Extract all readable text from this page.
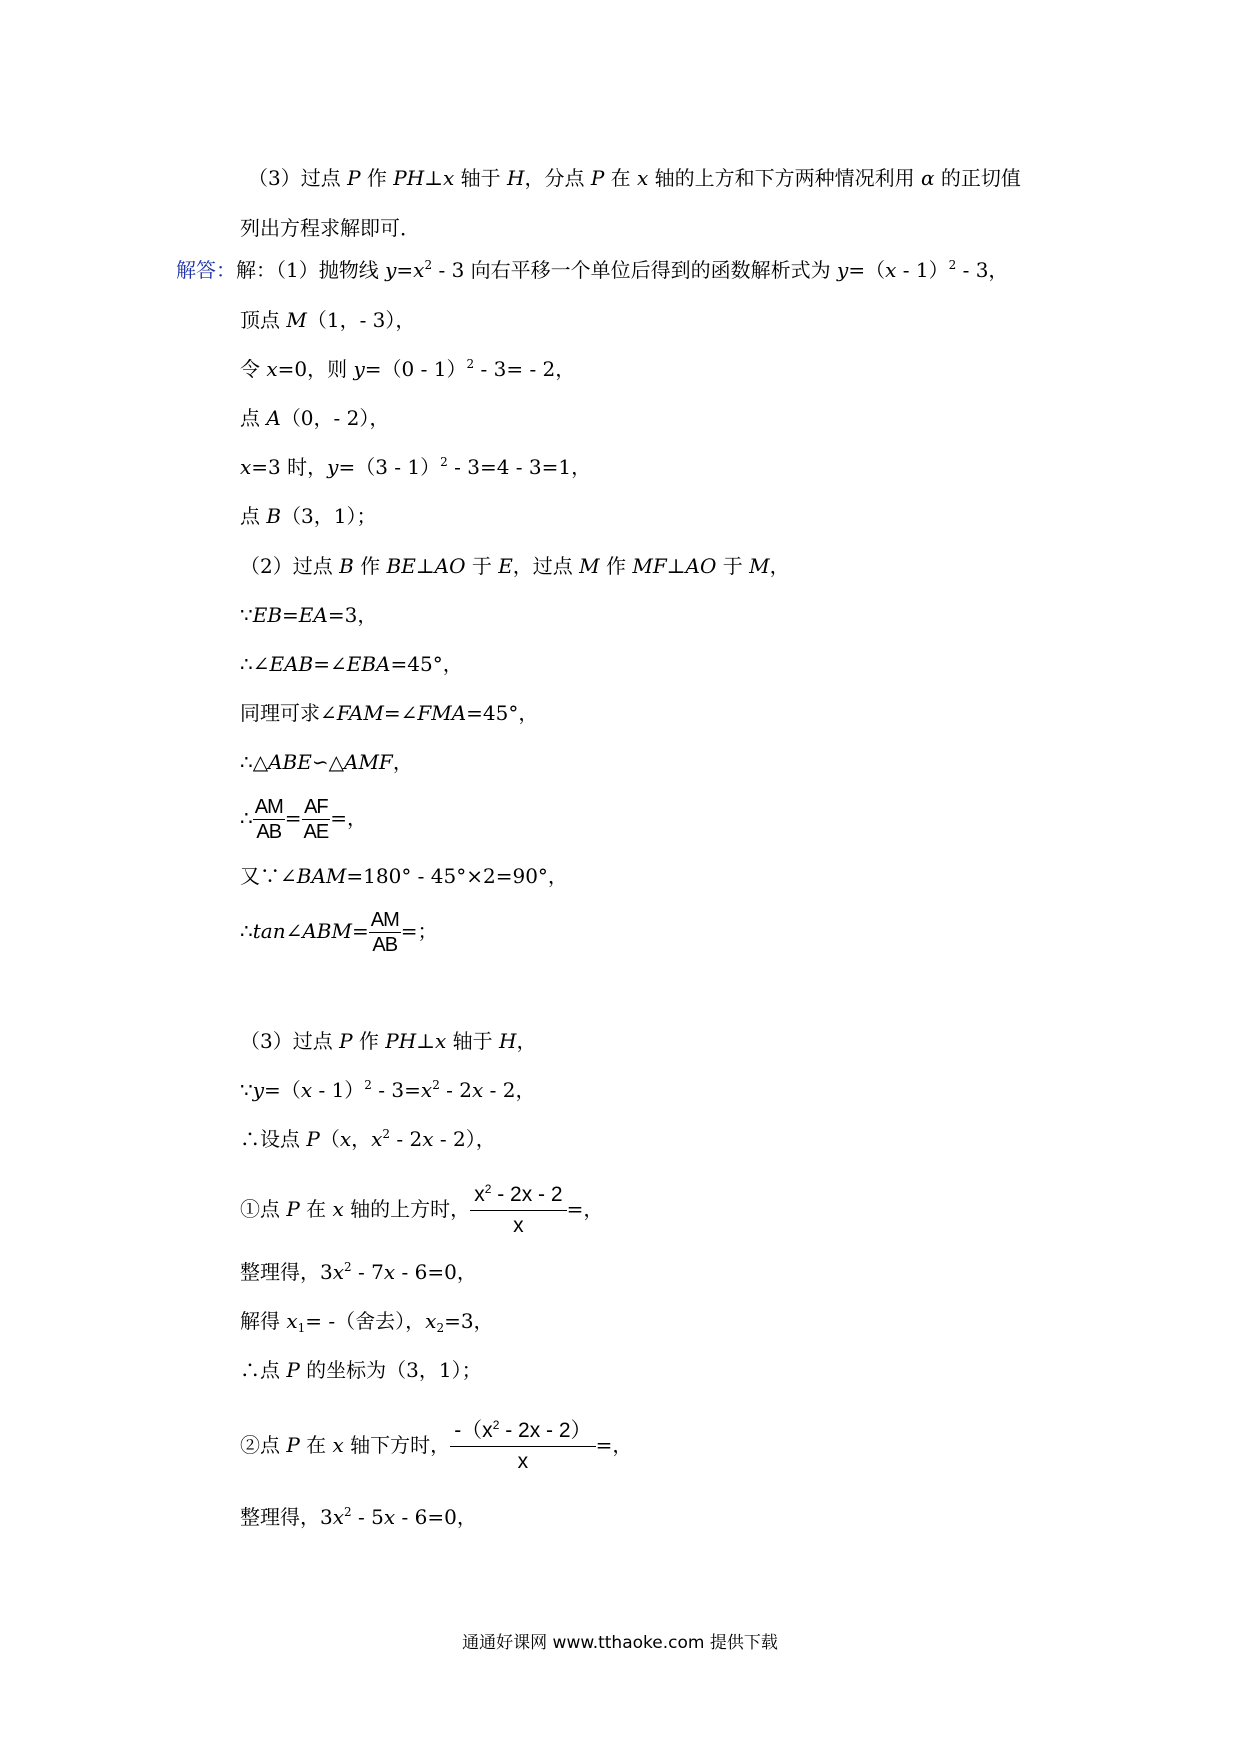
（3）过点 P 作 PH⊥x 轴于 H，分点 P 在 x 轴的上方和下方两种情况利用 α 的正切值
列出方程求解即可．
解答：解：（1）抛物线 $y=x^2 - 3$ 向右平移一个单位后得到的函数解析式为 y=（x - 1）$^2$ - 3，
顶点 M（1，- 3），
令 x=0，则 y=（0 - 1）$^2$ - 3= - 2，
点 A（0，- 2），
x=3 时，y=（3 - 1）$^2$ - 3=4 - 3=1，
点 B（3，1）；
（2）过点 B 作 BE⊥AO 于 E，过点 M 作 MF⊥AO 于 M，
∵EB=EA=3，
∴∠EAB=∠EBA=45°，
同理可求∠FAM=∠FMA=45°，
∴△ABE∽△AMF，
∴ $\frac{AM}{AB} = \frac{AF}{AE}$ =，
又∵∠BAM=180° - 45°×2=90°，
∴tan∠ABM= $\frac{AM}{AB}$ =；
（3）过点 P 作 PH⊥x 轴于 H，
∵y=（x - $1)^2 - 3=x^2 - 2x - 2$，
∴设点 P（x，$x^2 - 2x - 2$），
①点 P 在 x 轴的上方时， $\frac{x^2 - 2x - 2}{x}$ =，
整理得，$3x^2 - 7x - 6=0$，
解得 $x_1=$ -（舍去），$x_2=3$，
∴点 P 的坐标为（3，1）；
②点 P 在 x 轴下方时， $\frac{-(x^2 - 2x - 2)}{x}$ =，
整理得，$3x^2 - 5x - 6=0$，
通通好课网 www.tthaoke.com 提供下载
